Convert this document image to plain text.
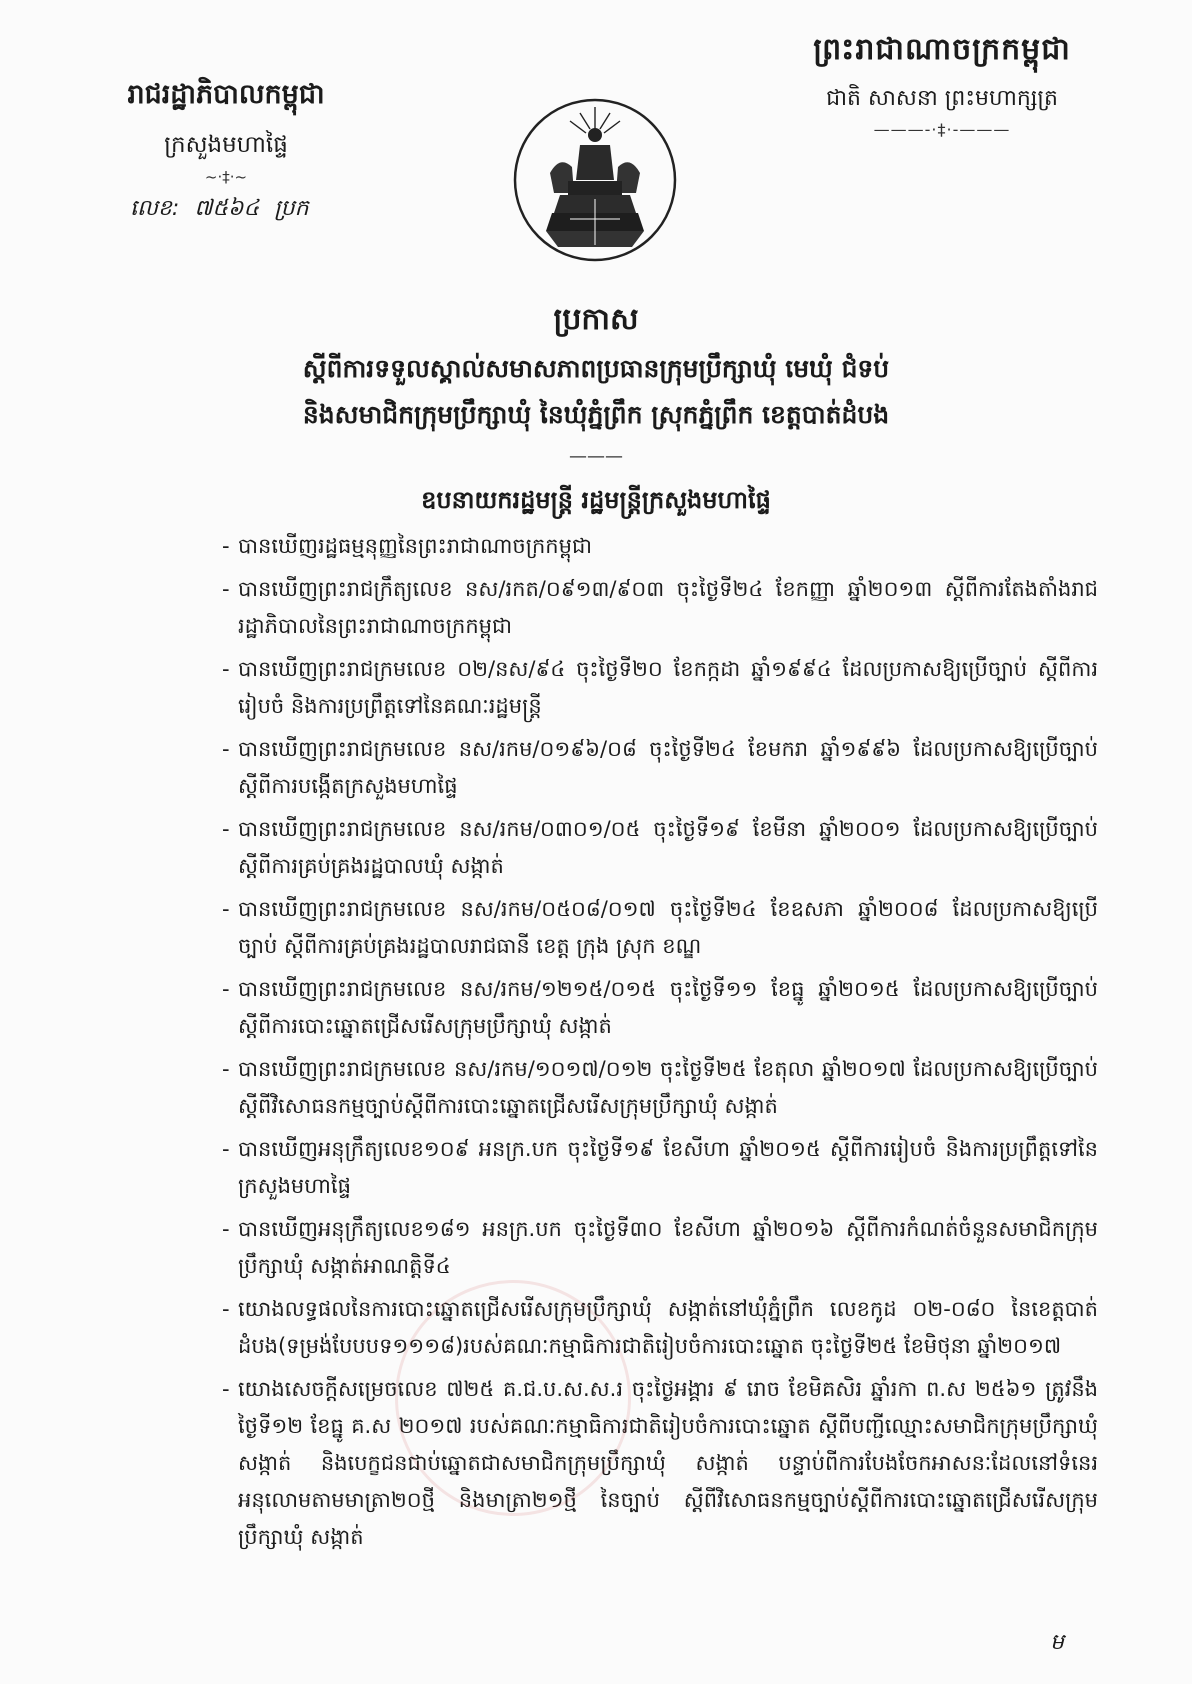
ព្រះរាជាណាចក្រកម្ពុជា
ជាតិ សាសនា ព្រះមហាក្សត្រ
———-·‡·-———
រាជរដ្ឋាភិបាលកម្ពុជា
ក្រសួងមហាផ្ទៃ
~·‡·~
លេខ: ៧៥៦៤ ប្រក
ប្រកាស
ស្តីពីការទទួលស្គាល់សមាសភាពប្រធានក្រុមប្រឹក្សាឃុំ មេឃុំ ជំទប់
និងសមាជិកក្រុមប្រឹក្សាឃុំ នៃឃុំភ្នំព្រឹក ស្រុកភ្នំព្រឹក ខេត្តបាត់ដំបង
———
ឧបនាយករដ្ឋមន្ត្រី រដ្ឋមន្ត្រីក្រសួងមហាផ្ទៃ
- បានឃើញរដ្ឋធម្មនុញ្ញនៃព្រះរាជាណាចក្រកម្ពុជា
- បានឃើញព្រះរាជក្រឹត្យលេខ នស/រកត/០៩១៣/៩០៣ ចុះថ្ងៃទី២៤ ខែកញ្ញា ឆ្នាំ២០១៣ ស្តីពីការតែងតាំងរាជរដ្ឋាភិបាលនៃព្រះរាជាណាចក្រកម្ពុជា
- បានឃើញព្រះរាជក្រមលេខ ០២/នស/៩៤ ចុះថ្ងៃទី២០ ខែកក្កដា ឆ្នាំ១៩៩៤ ដែលប្រកាសឱ្យប្រើច្បាប់ ស្តីពីការរៀបចំ និងការប្រព្រឹត្តទៅនៃគណៈរដ្ឋមន្ត្រី
- បានឃើញព្រះរាជក្រមលេខ នស/រកម/០១៩៦/០៨ ចុះថ្ងៃទី២៤ ខែមករា ឆ្នាំ១៩៩៦ ដែលប្រកាសឱ្យប្រើច្បាប់ ស្តីពីការបង្កើតក្រសួងមហាផ្ទៃ
- បានឃើញព្រះរាជក្រមលេខ នស/រកម/០៣០១/០៥ ចុះថ្ងៃទី១៩ ខែមីនា ឆ្នាំ២០០១ ដែលប្រកាសឱ្យប្រើច្បាប់ ស្តីពីការគ្រប់គ្រងរដ្ឋបាលឃុំ សង្កាត់
- បានឃើញព្រះរាជក្រមលេខ នស/រកម/០៥០៨/០១៧ ចុះថ្ងៃទី២៤ ខែឧសភា ឆ្នាំ២០០៨ ដែលប្រកាសឱ្យប្រើច្បាប់ ស្តីពីការគ្រប់គ្រងរដ្ឋបាលរាជធានី ខេត្ត ក្រុង ស្រុក ខណ្ឌ
- បានឃើញព្រះរាជក្រមលេខ នស/រកម/១២១៥/០១៥ ចុះថ្ងៃទី១១ ខែធ្នូ ឆ្នាំ២០១៥ ដែលប្រកាសឱ្យប្រើច្បាប់ ស្តីពីការបោះឆ្នោតជ្រើសរើសក្រុមប្រឹក្សាឃុំ សង្កាត់
- បានឃើញព្រះរាជក្រមលេខ នស/រកម/១០១៧/០១២ ចុះថ្ងៃទី២៥ ខែតុលា ឆ្នាំ២០១៧ ដែលប្រកាសឱ្យប្រើច្បាប់ ស្តីពីវិសោធនកម្មច្បាប់ស្តីពីការបោះឆ្នោតជ្រើសរើសក្រុមប្រឹក្សាឃុំ សង្កាត់
- បានឃើញអនុក្រឹត្យលេខ១០៩ អនក្រ.បក ចុះថ្ងៃទី១៩ ខែសីហា ឆ្នាំ២០១៥ ស្តីពីការរៀបចំ និងការប្រព្រឹត្តទៅនៃក្រសួងមហាផ្ទៃ
- បានឃើញអនុក្រឹត្យលេខ១៨១ អនក្រ.បក ចុះថ្ងៃទី៣០ ខែសីហា ឆ្នាំ២០១៦ ស្តីពីការកំណត់ចំនួនសមាជិកក្រុមប្រឹក្សាឃុំ សង្កាត់អាណត្តិទី៤
- យោងលទ្ធផលនៃការបោះឆ្នោតជ្រើសរើសក្រុមប្រឹក្សាឃុំ សង្កាត់នៅឃុំភ្នំព្រឹក លេខកូដ ០២-០៨០ នៃខេត្តបាត់ដំបង(ទម្រង់បែបបទ១១១៨)របស់គណៈកម្មាធិការជាតិរៀបចំការបោះឆ្នោត ចុះថ្ងៃទី២៥ ខែមិថុនា ឆ្នាំ២០១៧
- យោងសេចក្តីសម្រេចលេខ ៧២៥ គ.ជ.ប.ស.ស.រ ចុះថ្ងៃអង្គារ ៩ រោច ខែមិគសិរ ឆ្នាំរកា ព.ស ២៥៦១ ត្រូវនឹងថ្ងៃទី១២ ខែធ្នូ គ.ស ២០១៧ របស់គណៈកម្មាធិការជាតិរៀបចំការបោះឆ្នោត ស្តីពីបញ្ជីឈ្មោះសមាជិកក្រុមប្រឹក្សាឃុំ សង្កាត់ និងបេក្ខជនជាប់ឆ្នោតជាសមាជិកក្រុមប្រឹក្សាឃុំ សង្កាត់ បន្ទាប់ពីការបែងចែកអាសនៈដែលនៅទំនេរអនុលោមតាមមាត្រា២០ថ្មី និងមាត្រា២១ថ្មី នៃច្បាប់ ស្តីពីវិសោធនកម្មច្បាប់ស្តីពីការបោះឆ្នោតជ្រើសរើសក្រុមប្រឹក្សាឃុំ សង្កាត់
ម
